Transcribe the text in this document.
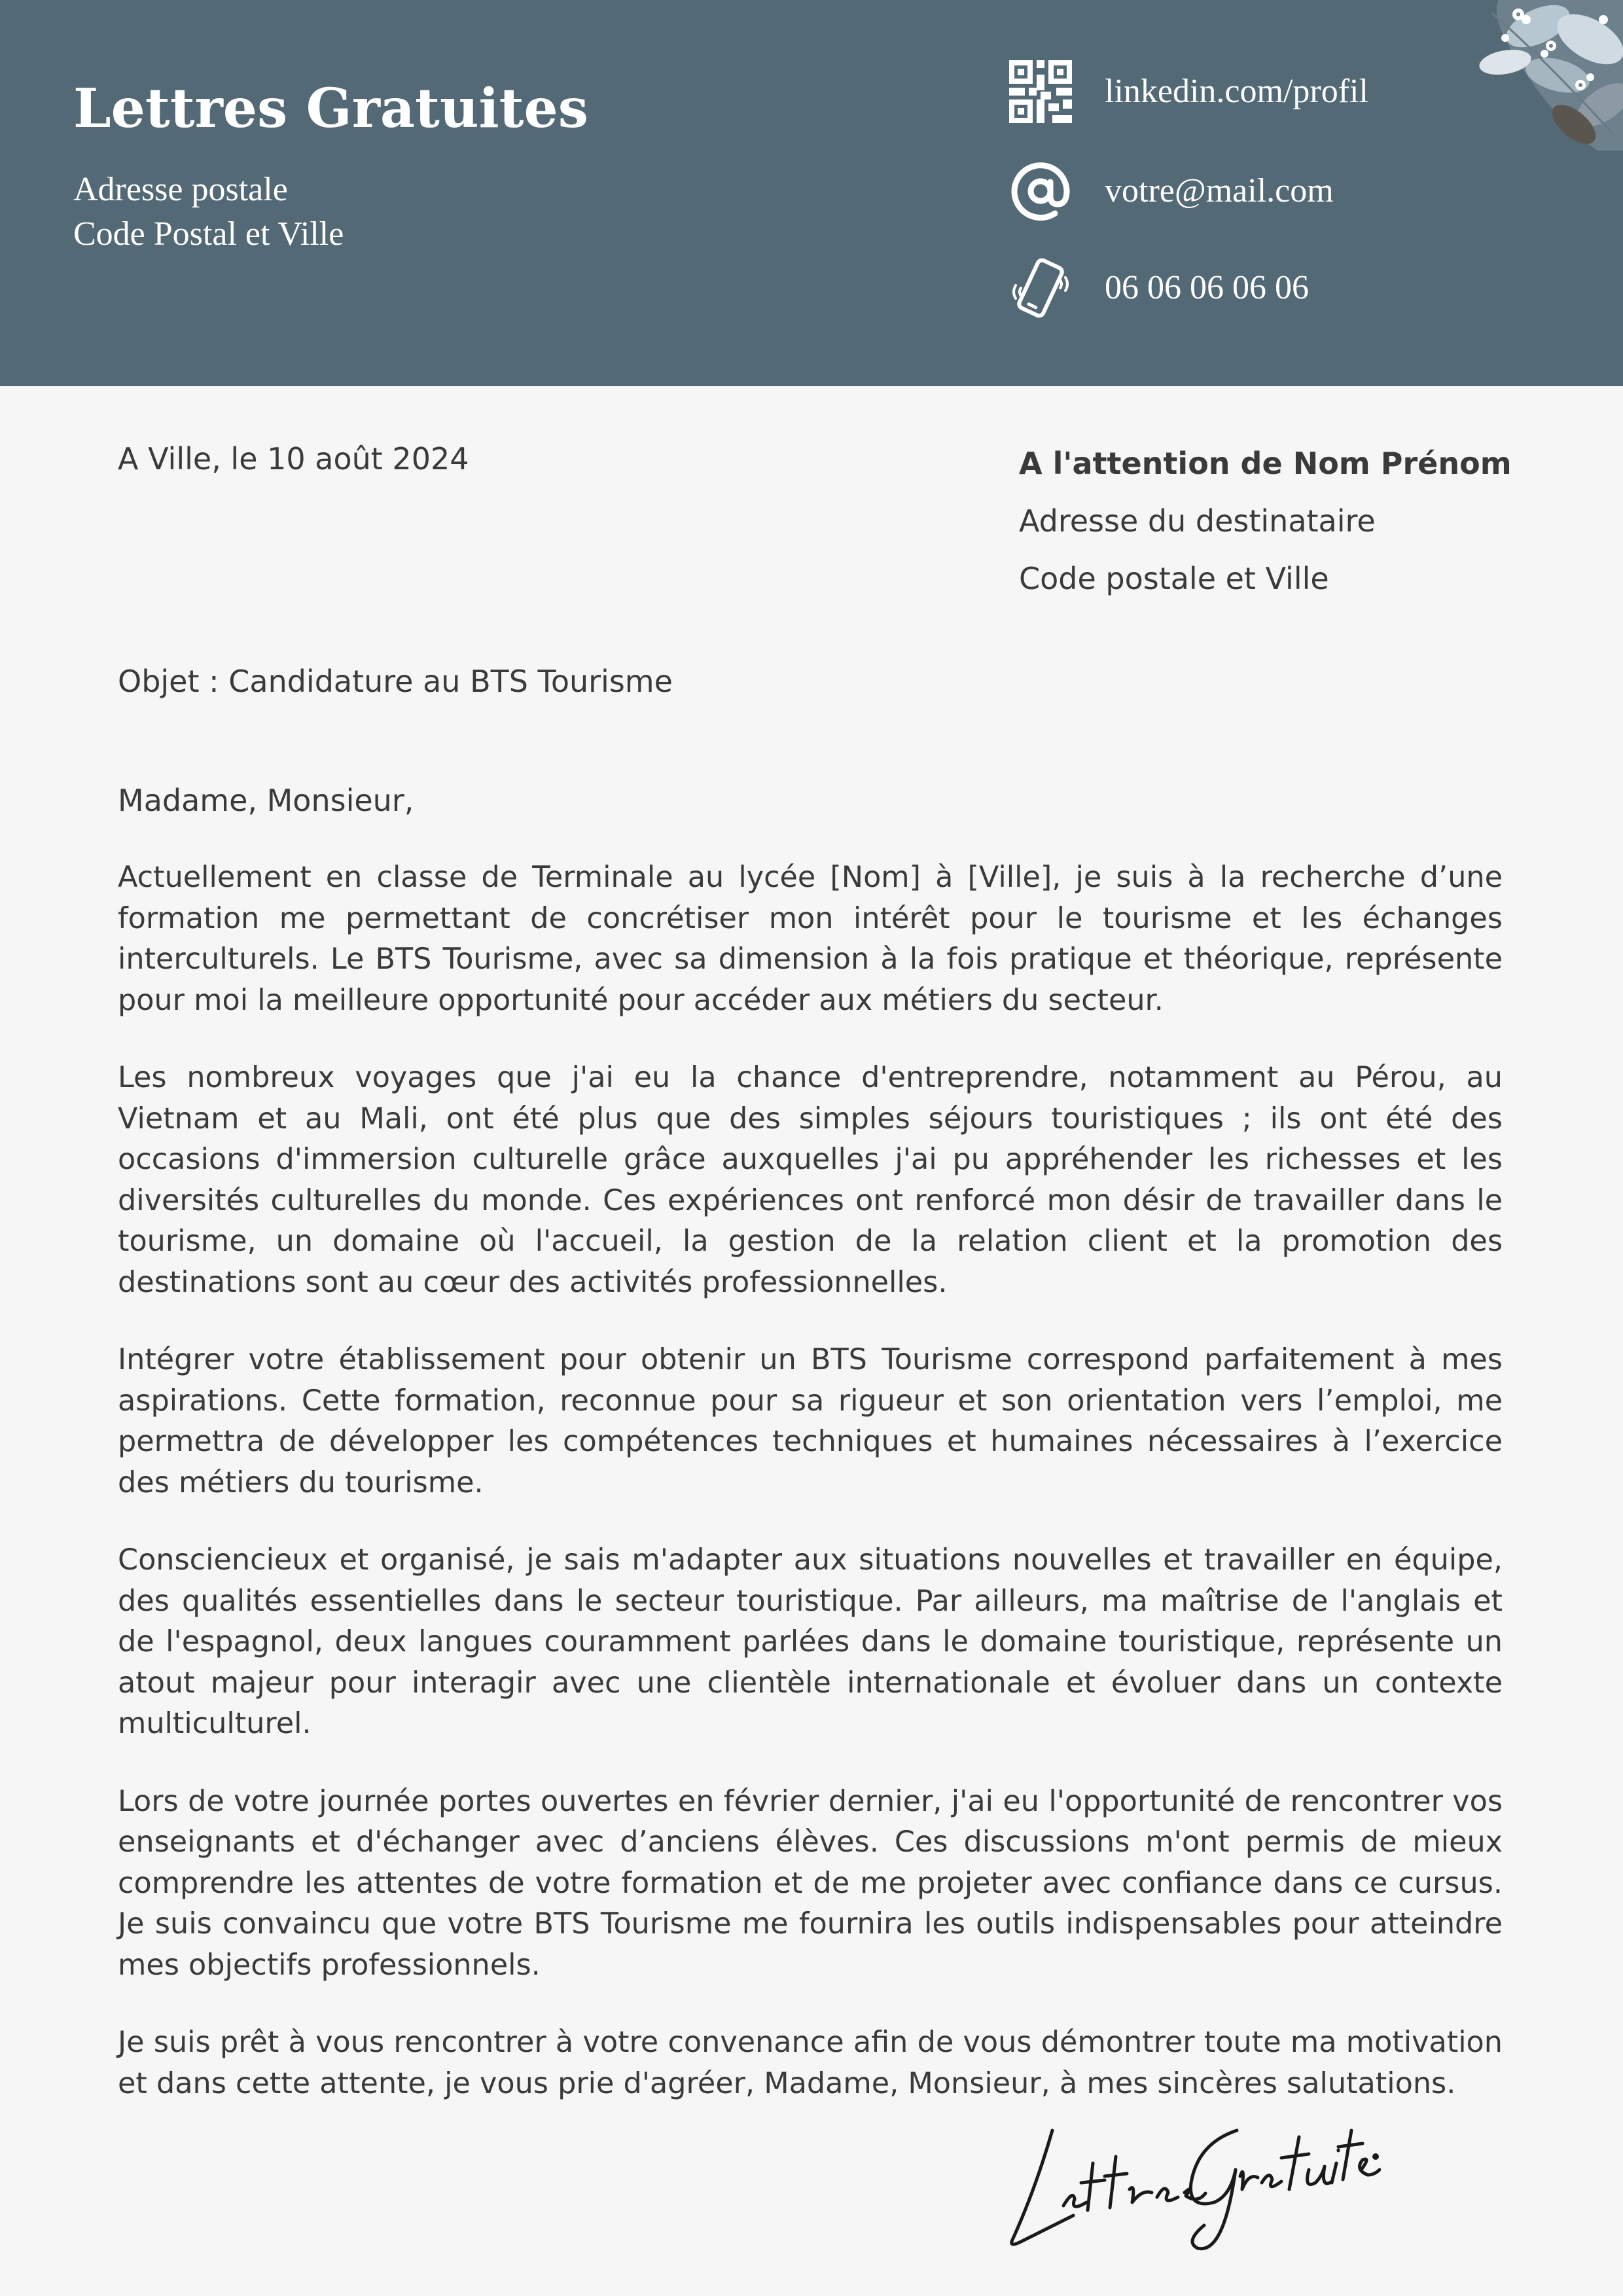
Lettres Gratuites
Adresse postale
Code Postal et Ville
linkedin.com/profil
votre@mail.com
06 06 06 06 06
A Ville, le 10 août 2024	A l'attention de Nom Prénom
Adresse du destinataire
Code postale et Ville
Objet : Candidature au BTS Tourisme
Madame, Monsieur,

Actuellement en classe de Terminale au lycée [Nom] à [Ville], je suis à la recherche d’une formation me permettant de concrétiser mon intérêt pour le tourisme et les échanges interculturels. Le BTS Tourisme, avec sa dimension à la fois pratique et théorique, représente pour moi la meilleure opportunité pour accéder aux métiers du secteur.

Les nombreux voyages que j'ai eu la chance d'entreprendre, notamment au Pérou, au Vietnam et au Mali, ont été plus que des simples séjours touristiques ; ils ont été des occasions d'immersion culturelle grâce auxquelles j'ai pu appréhender les richesses et les diversités culturelles du monde. Ces expériences ont renforcé mon désir de travailler dans le tourisme, un domaine où l'accueil, la gestion de la relation client et la promotion des destinations sont au cœur des activités professionnelles.

Intégrer votre établissement pour obtenir un BTS Tourisme correspond parfaitement à mes aspirations. Cette formation, reconnue pour sa rigueur et son orientation vers l’emploi, me permettra de développer les compétences techniques et humaines nécessaires à l’exercice des métiers du tourisme.

Consciencieux et organisé, je sais m'adapter aux situations nouvelles et travailler en équipe, des qualités essentielles dans le secteur touristique. Par ailleurs, ma maîtrise de l'anglais et de l'espagnol, deux langues couramment parlées dans le domaine touristique, représente un atout majeur pour interagir avec une clientèle internationale et évoluer dans un contexte multiculturel.

Lors de votre journée portes ouvertes en février dernier, j'ai eu l'opportunité de rencontrer vos enseignants et d'échanger avec d’anciens élèves. Ces discussions m'ont permis de mieux comprendre les attentes de votre formation et de me projeter avec confiance dans ce cursus. Je suis convaincu que votre BTS Tourisme me fournira les outils indispensables pour atteindre mes objectifs professionnels.

Je suis prêt à vous rencontrer à votre convenance afin de vous démontrer toute ma motivation et dans cette attente, je vous prie d'agréer, Madame, Monsieur, à mes sincères salutations.
